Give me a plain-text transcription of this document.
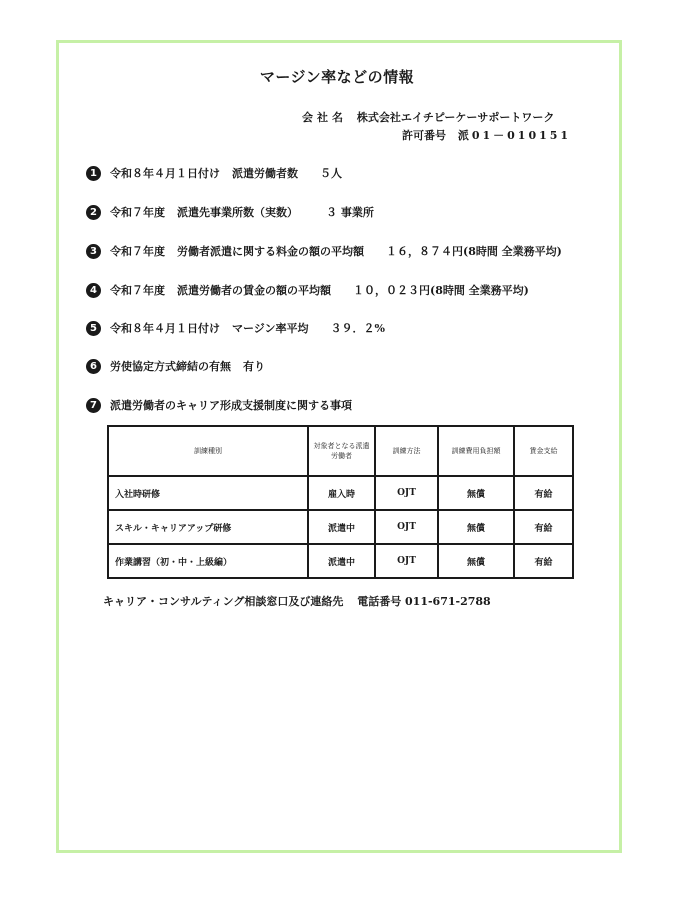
マージン率などの情報
会社名 株式会社エイチピーケーサポートワーク
許可番号 派01－010151
1	令和８年４月１日付け 派遣労働者数 ５人
2	令和７年度 派遣先事業所数（実数）	３ 事業所
3	令和７年度 労働者派遣に関する料金の額の平均額 １６，８７４円(8時間 全業務平均)
4	令和７年度 派遣労働者の賃金の額の平均額 １０，０２３円(8時間 全業務平均)
5	令和８年４月１日付け マージン率平均 ３９．２%
6	労使協定方式締結の有無 有り
7	派遣労働者のキャリア形成支援制度に関する事項
訓練種別	対象者となる派遣労働者	訓練方法	訓練費用負担額	賃金支給
入社時研修	雇入時	OJT	無償	有給
スキル・キャリアアップ研修	派遣中	OJT	無償	有給
作業講習（初・中・上級編）	派遣中	OJT	無償	有給
キャリア・コンサルティング相談窓口及び連絡先 電話番号 011-671-2788
